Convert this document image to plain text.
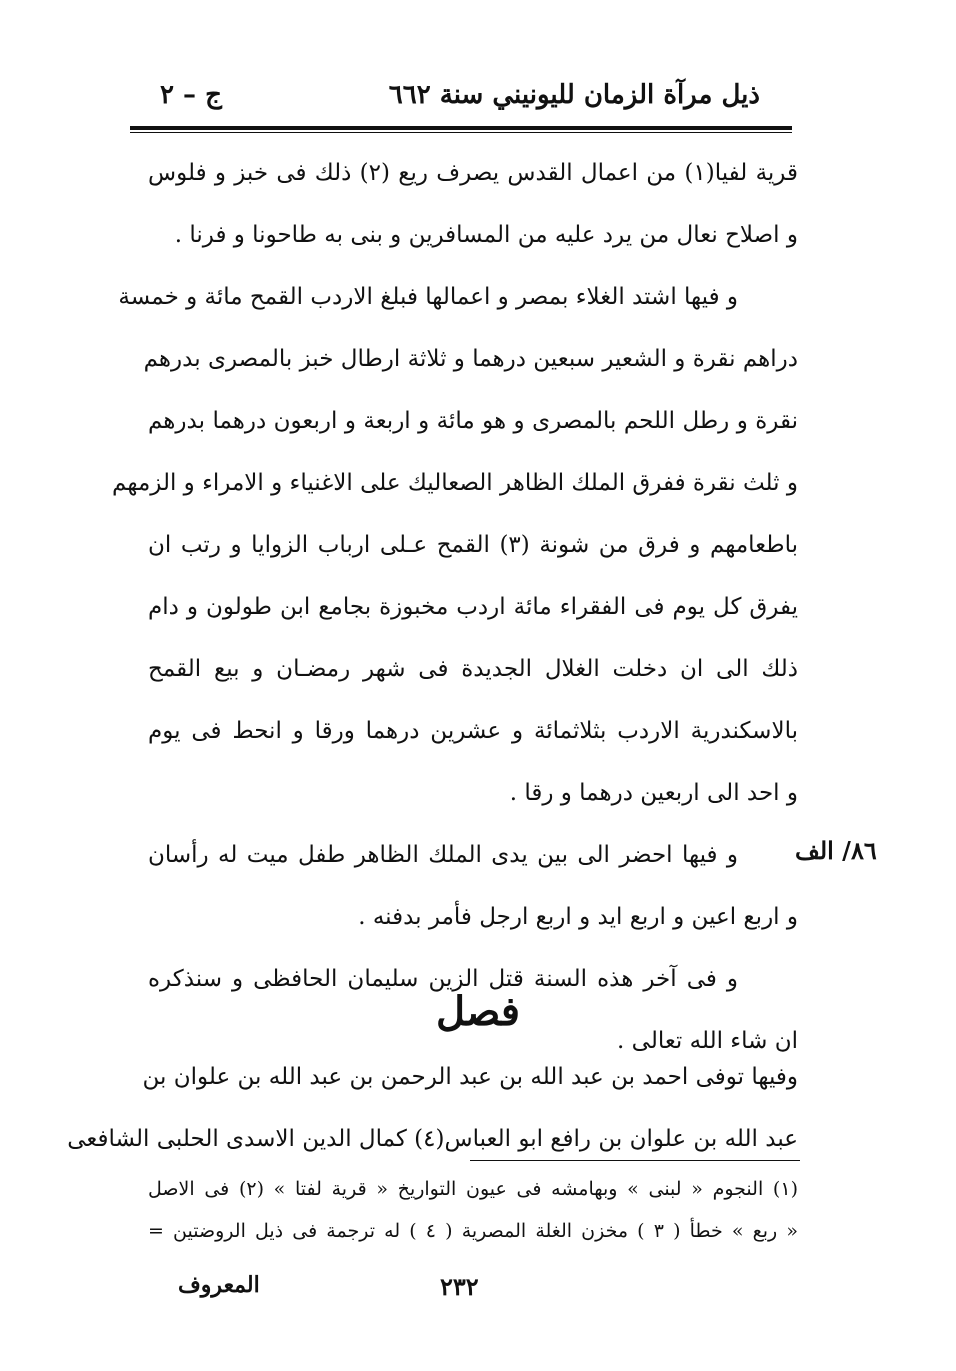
ذيل مرآة الزمان لليونيني سنة ٦٦٢
ج – ٢
قرية لفيا(١) من اعمال القدس يصرف ريع (٢) ذلك فى خبز و فلوس
و اصلاح نعال من يرد عليه من المسافرين و بنى به طاحونا و فرنا .
و فيها اشتد الغلاء بمصر و اعمالها فبلغ الاردب القمح مائة و خمسة
دراهم نقرة و الشعير سبعين درهما و ثلاثة ارطال خبز بالمصرى بدرهم
نقرة و رطل اللحم بالمصرى و هو مائة و اربعة و اربعون درهما بدرهم
و ثلث نقرة ففرق الملك الظاهر الصعاليك على الاغنياء و الامراء و الزمهم
باطعامهم و فرق من شونة (٣) القمح عـلى ارباب الزوايا و رتب ان
يفرق كل يوم فى الفقراء مائة اردب مخبوزة بجامع ابن طولون و دام
ذلك الى ان دخلت الغلال الجديدة فى شهر رمضـان و بيع القمح
بالاسكندرية الاردب بثلاثمائة و عشرين درهما ورقا و انحط فى يوم
و احد الى اربعين درهما و رقا .
و فيها احضر الى بين يدى الملك الظاهر طفل ميت له رأسان
و اربع اعين و اربع ايد و اربع ارجل فأمر بدفنه .
و فى آخر هذه السنة قتل الزين سليمان الحافظى و سنذكره
ان شاء الله تعالى .
٨٦/ الف
فصل
وفيها توفى احمد بن عبد الله بن عبد الرحمن بن عبد الله بن علوان بن
عبد الله بن علوان بن رافع ابو العباس(٤) كمال الدين الاسدى الحلبى الشافعى
(١) النجوم « لبنى » وبهامشه فى عيون التواريخ « قرية لفتا » (٢) فى الاصل
« ربع » خطأ ( ٣ ) مخزن الغلة المصرية ( ٤ ) له ترجمة فى ذيل الروضتين =
٢٣٢
المعروف
